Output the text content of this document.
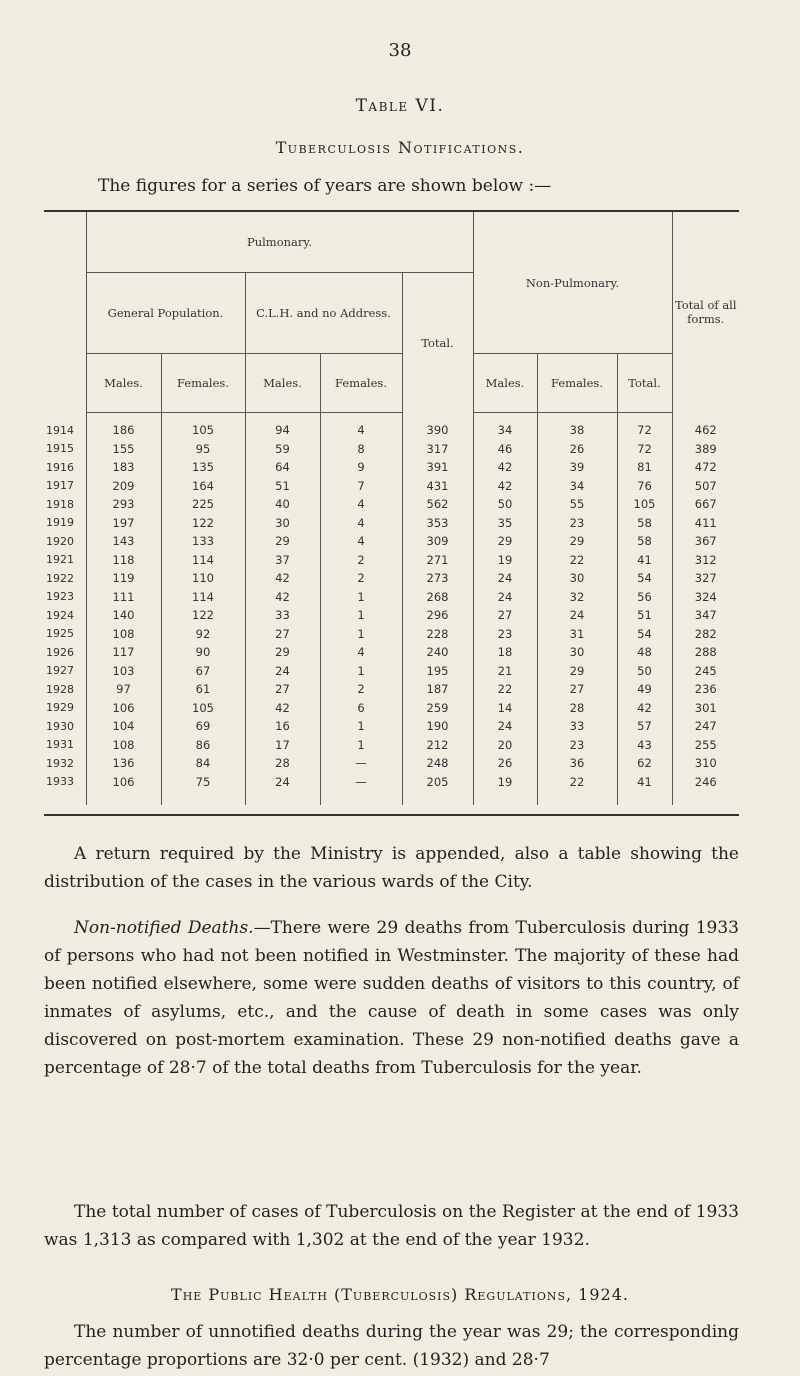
38
Table VI.
Tuberculosis Notifications.
The figures for a series of years are shown below :—
	Pulmonary.					Non-Pulmonary.			Total of all forms.
	General Population.		C.L.H. and no Address.		Total.				
	Males.	Females.	Males.	Females.		Males.	Females.	Total.	
1914	186	105	94	4	390	34	38	72	462
1915	155	95	59	8	317	46	26	72	389
1916	183	135	64	9	391	42	39	81	472
1917	209	164	51	7	431	42	34	76	507
1918	293	225	40	4	562	50	55	105	667
1919	197	122	30	4	353	35	23	58	411
1920	143	133	29	4	309	29	29	58	367
1921	118	114	37	2	271	19	22	41	312
1922	119	110	42	2	273	24	30	54	327
1923	111	114	42	1	268	24	32	56	324
1924	140	122	33	1	296	27	24	51	347
1925	108	92	27	1	228	23	31	54	282
1926	117	90	29	4	240	18	30	48	288
1927	103	67	24	1	195	21	29	50	245
1928	97	61	27	2	187	22	27	49	236
1929	106	105	42	6	259	14	28	42	301
1930	104	69	16	1	190	24	33	57	247
1931	108	86	17	1	212	20	23	43	255
1932	136	84	28	—	248	26	36	62	310
1933	106	75	24	—	205	19	22	41	246
A return required by the Ministry is appended, also a table showing the distribution of the cases in the various wards of the City.
Non-notified Deaths.—There were 29 deaths from Tuberculosis during 1933 of persons who had not been notified in Westminster. The majority of these had been notified elsewhere, some were sudden deaths of visitors to this country, of inmates of asylums, etc., and the cause of death in some cases was only discovered on post-mortem examination. These 29 non-notified deaths gave a percentage of 28·7 of the total deaths from Tuberculosis for the year.
The total number of cases of Tuberculosis on the Register at the end of 1933 was 1,313 as compared with 1,302 at the end of the year 1932.
The Public Health (Tuberculosis) Regulations, 1924.
The number of unnotified deaths during the year was 29; the corresponding percentage proportions are 32·0 per cent. (1932) and 28·7
